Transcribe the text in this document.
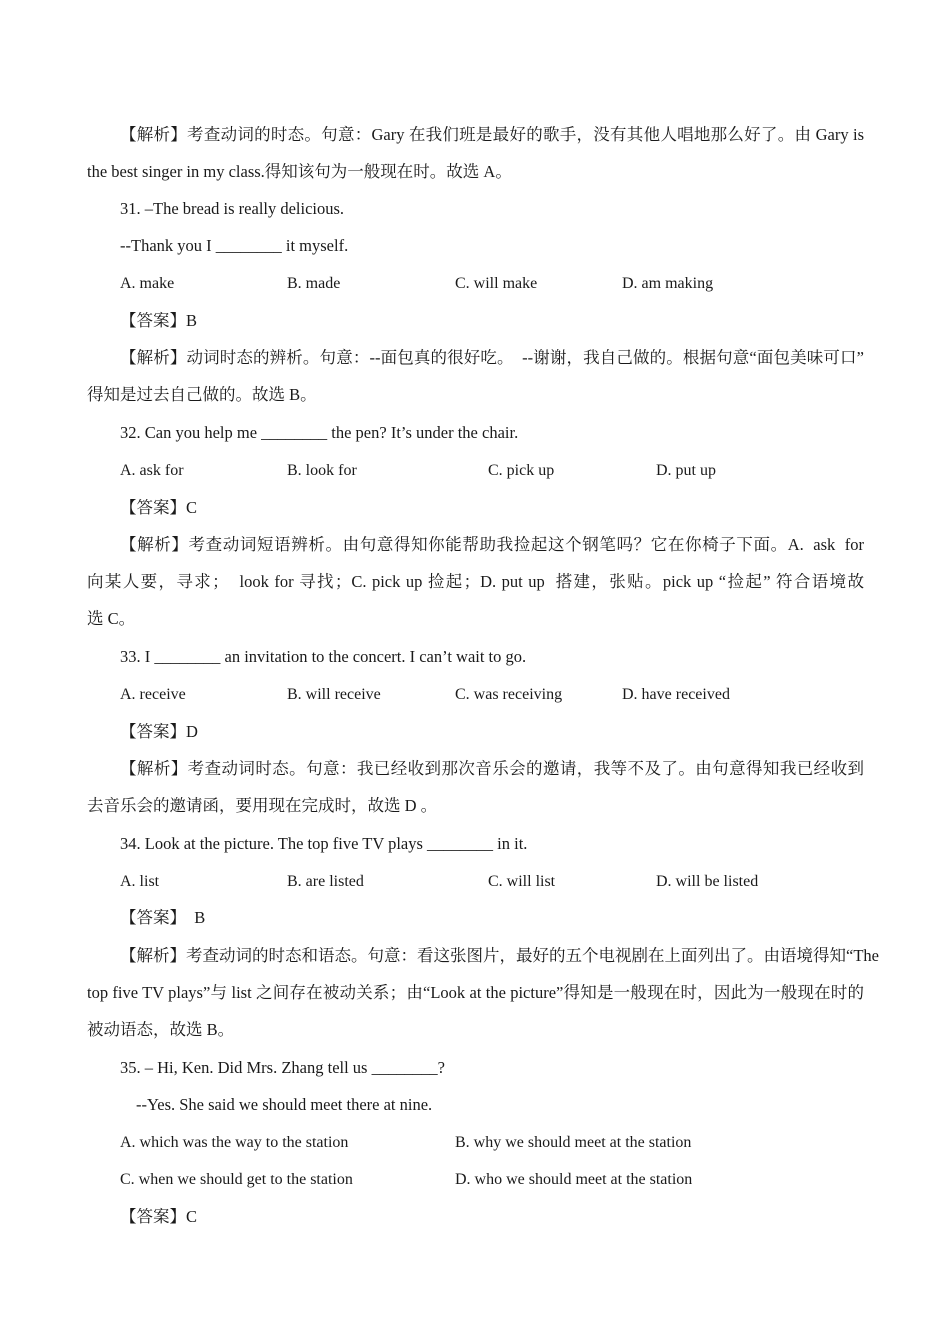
【解析】考查动词的时态。句意：Gary 在我们班是最好的歌手，没有其他人唱地那么好了。由 Gary is
the best singer in my class.得知该句为一般现在时。故选 A。
31. –The bread is really delicious.
--Thank you I ________ it myself.
A. make	B. made	C. will make	D. am making
【答案】B
【解析】动词时态的辨析。句意：--面包真的很好吃。  --谢谢，我自己做的。根据句意“面包美味可口”
得知是过去自己做的。故选 B。
32. Can you help me ________ the pen? It’s under the chair.
A. ask for	B. look for	C. pick up	D. put up
【答案】C
【解析】考查动词短语辨析。由句意得知你能帮助我捡起这个钢笔吗？它在你椅子下面。A.  ask  for
向某人要，寻求；  look for 寻找；C. pick up 捡起；D. put up  搭建，张贴。pick up “捡起” 符合语境故
选 C。
33. I ________ an invitation to the concert. I can’t wait to go.
A. receive	B. will receive	C. was receiving	D. have received
【答案】D
【解析】考查动词时态。句意：我已经收到那次音乐会的邀请，我等不及了。由句意得知我已经收到
去音乐会的邀请函，要用现在完成时，故选 D 。
34. Look at the picture. The top five TV plays ________ in it.
A. list	B. are listed	C. will list	D. will be listed
【答案】  B
【解析】考查动词的时态和语态。句意：看这张图片，最好的五个电视剧在上面列出了。由语境得知“The
top five TV plays”与 list 之间存在被动关系；由“Look at the picture”得知是一般现在时，因此为一般现在时的
被动语态，故选 B。
35. – Hi, Ken. Did Mrs. Zhang tell us ________?
--Yes. She said we should meet there at nine.
A. which was the way to the station	B. why we should meet at the station
C. when we should get to the station	D. who we should meet at the station
【答案】C
